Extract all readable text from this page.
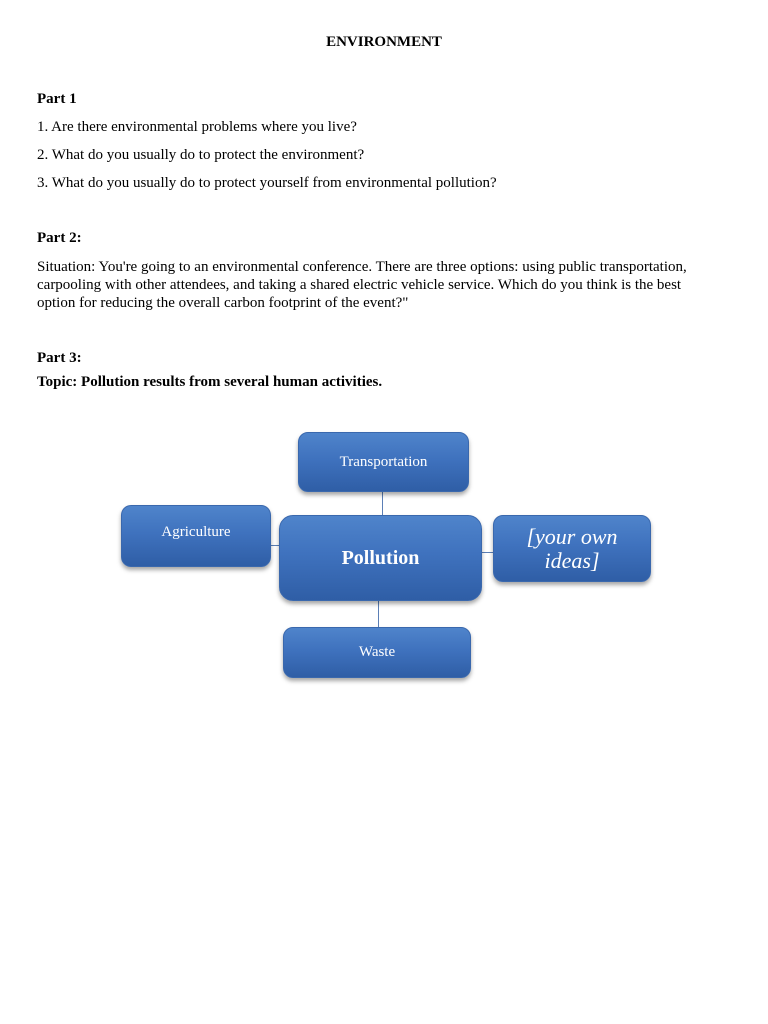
ENVIRONMENT
Part 1
1. Are there environmental problems where you live?
2. What do you usually do to protect the environment?
3. What do you usually do to protect yourself from environmental pollution?
Part 2:
Situation: You're going to an environmental conference. There are three options: using public transportation, carpooling with other attendees, and taking a shared electric vehicle service. Which do you think is the best option for reducing the overall carbon footprint of the event?"
Part 3:
Topic: Pollution results from several human activities.
Transportation
Agriculture
Pollution
[your own ideas]
Waste
